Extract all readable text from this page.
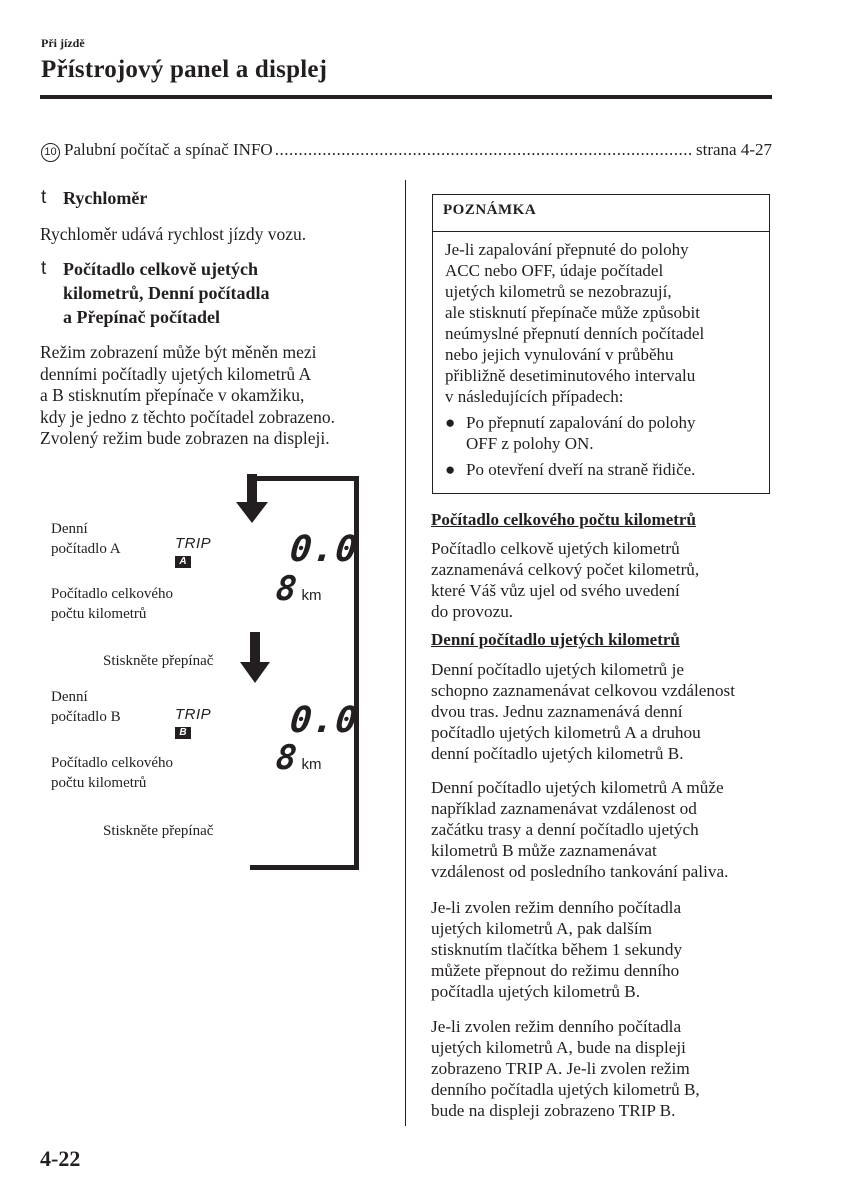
Při jízdě
Přístrojový panel a displej
10 Palubní počítač a spínač INFO
.....	strana 4-27
t Rychloměr

Rychloměr udává rychlost jízdy vozu.

t Počítadlo celkově ujetých
kilometrů, Denní počítadla
a Přepínač počítadel
Režim zobrazení může být měněn mezi
denními počítadly ujetých kilometrů A
a B stisknutím přepínače v okamžiku,
kdy je jedno z těchto počítadel zobrazeno.
Zvolený režim bude zobrazen na displeji.
Denní
počítadlo A	TRIP
A	0.0
Počítadlo celkového
počtu kilometrů
8 km
Stiskněte přepínač
Denní
počítadlo B	TRIP
B	0.0
Počítadlo celkového
počtu kilometrů
8 km
Stiskněte přepínač
POZNÁMKA

Je-li zapalování přepnuté do polohy

ACC nebo OFF, údaje počítadel

ujetých kilometrů se nezobrazují,

ale stisknutí přepínače může způsobit

neúmyslné přepnutí denních počítadel

nebo jejich vynulování v průběhu

přibližně desetiminutového intervalu

v následujících případech:

● Po přepnutí zapalování do polohy
OFF z polohy ON.
● Po otevření dveří na straně řidiče.
Počítadlo celkového počtu kilometrů
Počítadlo celkově ujetých kilometrů
zaznamenává celkový počet kilometrů,
které Váš vůz ujel od svého uvedení
do provozu.
Denní počítadlo ujetých kilometrů
Denní počítadlo ujetých kilometrů je
schopno zaznamenávat celkovou vzdálenost
dvou tras. Jednu zaznamenává denní
počítadlo ujetých kilometrů A a druhou
denní počítadlo ujetých kilometrů B.
Denní počítadlo ujetých kilometrů A může
například zaznamenávat vzdálenost od
začátku trasy a denní počítadlo ujetých
kilometrů B může zaznamenávat
vzdálenost od posledního tankování paliva.
Je-li zvolen režim denního počítadla
ujetých kilometrů A, pak dalším
stisknutím tlačítka během 1 sekundy
můžete přepnout do režimu denního
počítadla ujetých kilometrů B.
Je-li zvolen režim denního počítadla
ujetých kilometrů A, bude na displeji
zobrazeno TRIP A. Je-li zvolen režim
denního počítadla ujetých kilometrů B,
bude na displeji zobrazeno TRIP B.
4-22
